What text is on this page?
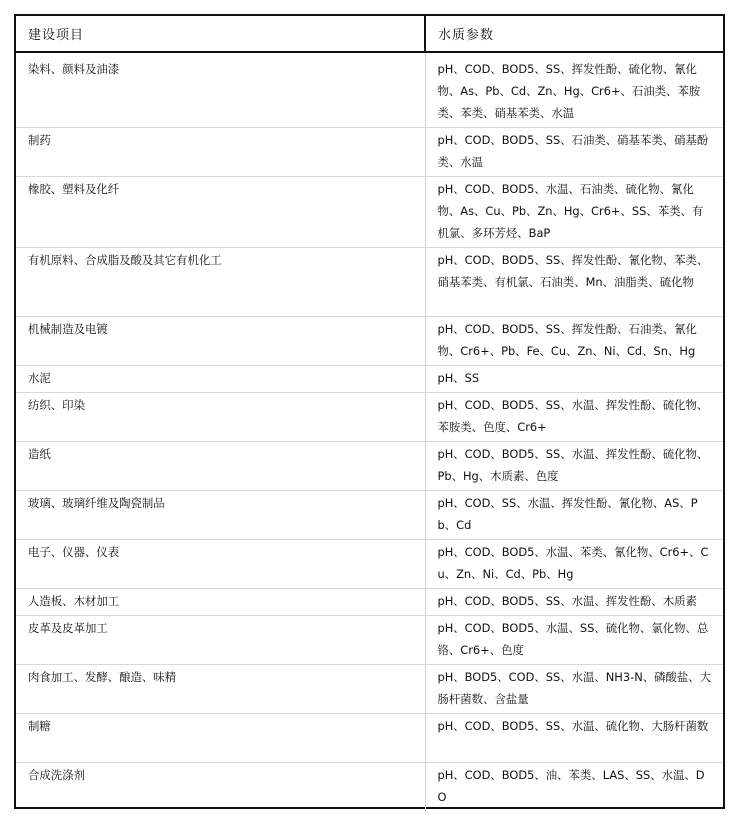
建设项目	水质参数

染料、颜料及油漆	pH、COD、BOD5、SS、挥发性酚、硫化物、氰化物、As、Pb、Cd、Zn、Hg、Cr6+、石油类、苯胺类、苯类、硝基苯类、水温
制药	pH、COD、BOD5、SS、石油类、硝基苯类、硝基酚类、水温
橡胶、塑料及化纤	pH、COD、BOD5、水温、石油类、硫化物、氰化物、As、Cu、Pb、Zn、Hg、Cr6+、SS、苯类、有机氯、多环芳烃、BaP
有机原料、合成脂及酸及其它有机化工	pH、COD、BOD5、SS、挥发性酚、氰化物、苯类、硝基苯类、有机氯、石油类、Mn、油脂类、硫化物
机械制造及电镀	pH、COD、BOD5、SS、挥发性酚、石油类、氰化物、Cr6+、Pb、Fe、Cu、Zn、Ni、Cd、Sn、Hg
水泥	pH、SS
纺织、印染	pH、COD、BOD5、SS、水温、挥发性酚、硫化物、苯胺类、色度、Cr6+
造纸	pH、COD、BOD5、SS、水温、挥发性酚、硫化物、Pb、Hg、木质素、色度
玻璃、玻璃纤维及陶瓷制品	pH、COD、SS、水温、挥发性酚、氰化物、AS、Pb、Cd
电子、仪器、仪表	pH、COD、BOD5、水温、苯类、氰化物、Cr6+、Cu、Zn、Ni、Cd、Pb、Hg
人造板、木材加工	pH、COD、BOD5、SS、水温、挥发性酚、木质素
皮革及皮革加工	pH、COD、BOD5、水温、SS、硫化物、氯化物、总铬、Cr6+、色度
肉食加工、发酵、酿造、味精	pH、BOD5、COD、SS、水温、NH3-N、磷酸盐、大肠杆菌数、含盐量
制糖	pH、COD、BOD5、SS、水温、硫化物、大肠杆菌数
合成洗涤剂	pH、COD、BOD5、油、苯类、LAS、SS、水温、DO
